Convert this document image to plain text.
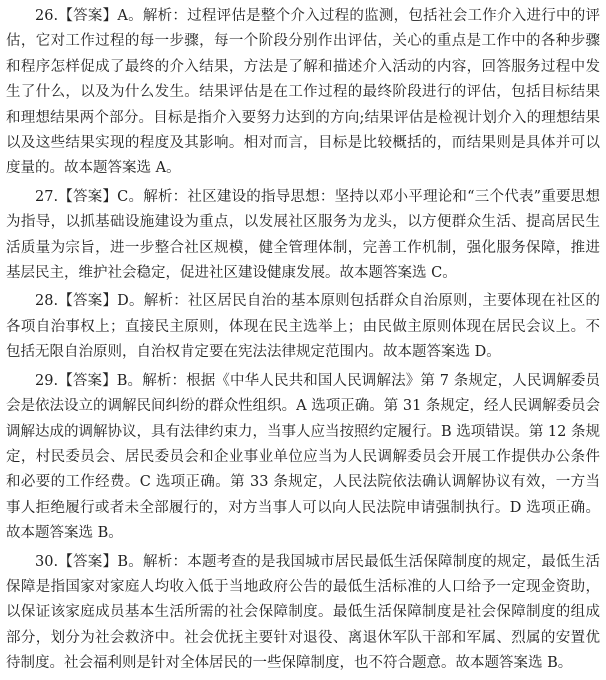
26.【答案】A。解析：过程评估是整个介入过程的监测，包括社会工作介入进行中的评估，它对工作过程的每一步骤，每一个阶段分别作出评估，关心的重点是工作中的各种步骤和程序怎样促成了最终的介入结果，方法是了解和描述介入活动的内容，回答服务过程中发生了什么，以及为什么发生。结果评估是在工作过程的最终阶段进行的评估，包括目标结果和理想结果两个部分。目标是指介入要努力达到的方向;结果评估是检视计划介入的理想结果以及这些结果实现的程度及其影响。相对而言，目标是比较概括的，而结果则是具体并可以度量的。故本题答案选 A。

27.【答案】C。解析：社区建设的指导思想：坚持以邓小平理论和“三个代表”重要思想为指导，以抓基础设施建设为重点，以发展社区服务为龙头，以方便群众生活、提高居民生活质量为宗旨，进一步整合社区规模，健全管理体制，完善工作机制，强化服务保障，推进基层民主，维护社会稳定，促进社区建设健康发展。故本题答案选 C。

28.【答案】D。解析：社区居民自治的基本原则包括群众自治原则，主要体现在社区的各项自治事权上；直接民主原则，体现在民主选举上；由民做主原则体现在居民会议上。不包括无限自治原则，自治权肯定要在宪法法律规定范围内。故本题答案选 D。

29.【答案】B。解析：根据《中华人民共和国人民调解法》第 7 条规定，人民调解委员会是依法设立的调解民间纠纷的群众性组织。A 选项正确。第 31 条规定，经人民调解委员会调解达成的调解协议，具有法律约束力，当事人应当按照约定履行。B 选项错误。第 12 条规定，村民委员会、居民委员会和企业事业单位应当为人民调解委员会开展工作提供办公条件和必要的工作经费。C 选项正确。第 33 条规定，人民法院依法确认调解协议有效，一方当事人拒绝履行或者未全部履行的，对方当事人可以向人民法院申请强制执行。D 选项正确。故本题答案选 B。

30.【答案】B。解析：本题考查的是我国城市居民最低生活保障制度的规定，最低生活保障是指国家对家庭人均收入低于当地政府公告的最低生活标准的人口给予一定现金资助，以保证该家庭成员基本生活所需的社会保障制度。最低生活保障制度是社会保障制度的组成部分，划分为社会救济中。社会优抚主要针对退役、离退休军队干部和军属、烈属的安置优待制度。社会福利则是针对全体居民的一些保障制度，也不符合题意。故本题答案选 B。
